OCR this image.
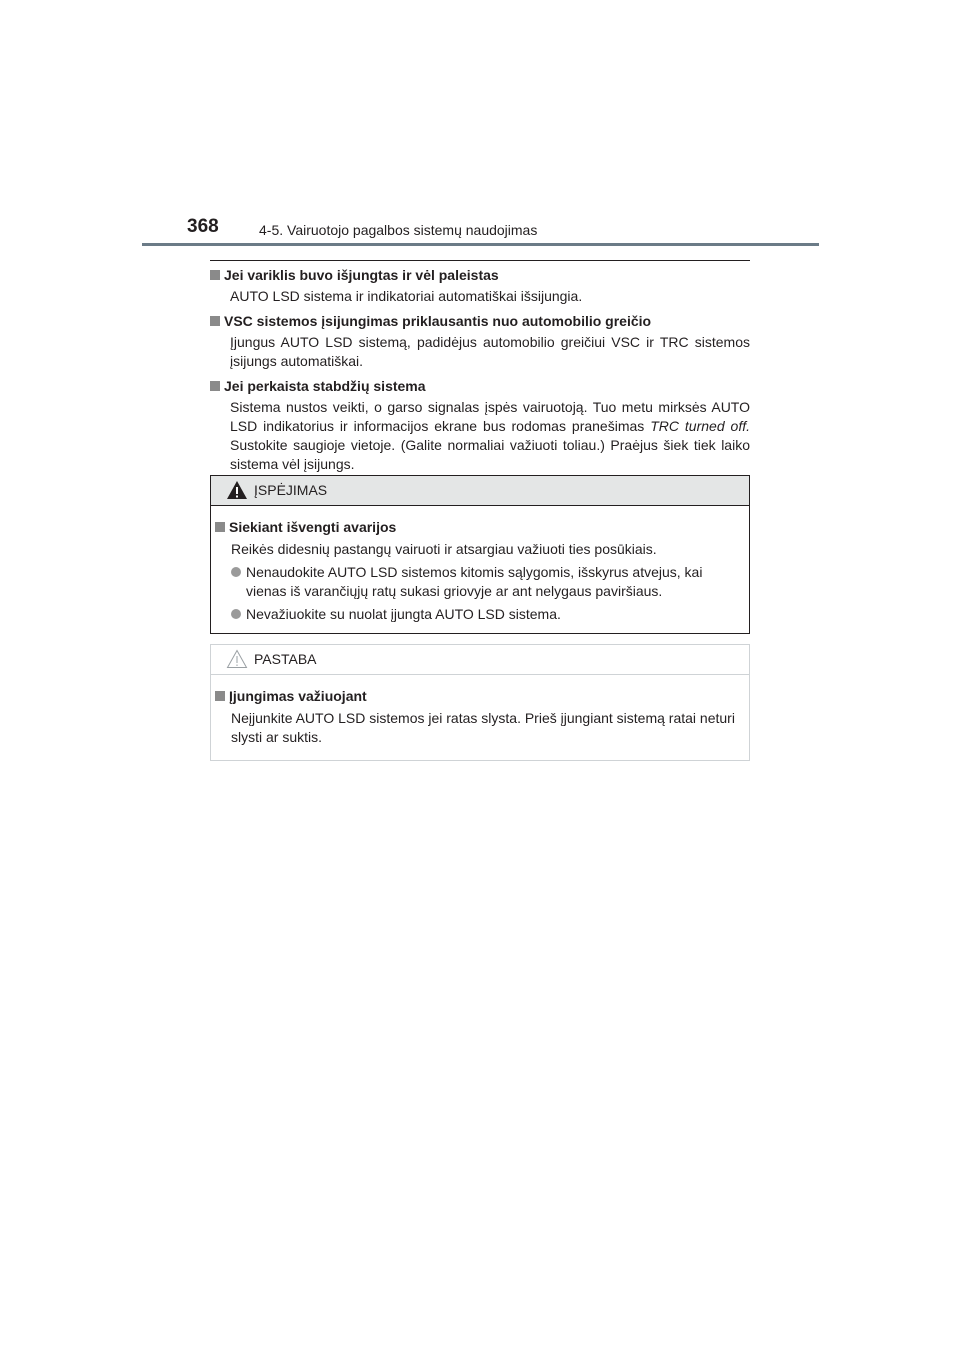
368	4-5. Vairuotojo pagalbos sistemų naudojimas

Jei variklis buvo išjungtas ir vėl paleistas

AUTO LSD sistema ir indikatoriai automatiškai išsijungia.

VSC sistemos įsijungimas priklausantis nuo automobilio greičio

Įjungus AUTO LSD sistemą, padidėjus automobilio greičiui VSC ir TRC sistemos įsijungs automatiškai.

Jei perkaista stabdžių sistema

Sistema nustos veikti, o garso signalas įspės vairuotoją. Tuo metu mirksės AUTO LSD indikatorius ir informacijos ekrane bus rodomas pranešimas TRC turned off. Sustokite saugioje vietoje. (Galite normaliai važiuoti toliau.) Praėjus šiek tiek laiko sistema vėl įsijungs.

ĮSPĖJIMAS
Siekiant išvengti avarijos
Reikės didesnių pastangų vairuoti ir atsargiau važiuoti ties posūkiais.
Nenaudokite AUTO LSD sistemos kitomis sąlygomis, išskyrus atvejus, kai vienas iš varančiųjų ratų sukasi griovyje ar ant nelygaus paviršiaus.
Nevažiuokite su nuolat įjungta AUTO LSD sistema.
PASTABA
Įjungimas važiuojant
Neįjunkite AUTO LSD sistemos jei ratas slysta. Prieš įjungiant sistemą ratai neturi slysti ar suktis.
